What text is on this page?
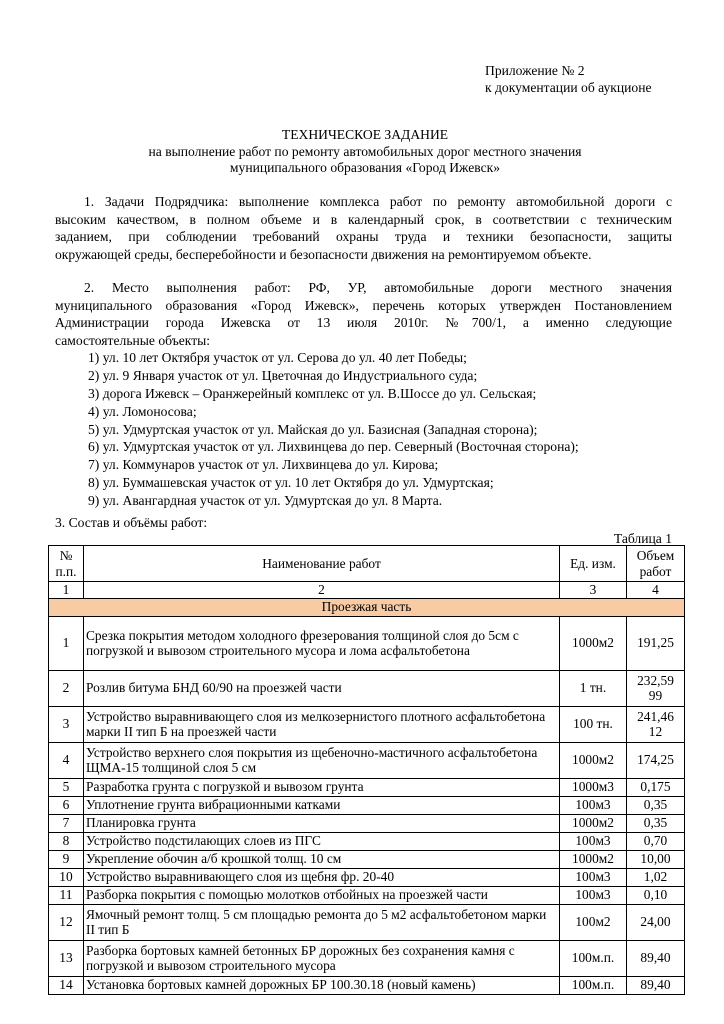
Приложение № 2
к документации об аукционе
ТЕХНИЧЕСКОЕ ЗАДАНИЕ
на выполнение работ по ремонту автомобильных дорог местного значения
муниципального образования «Город Ижевск»
1. Задачи Подрядчика: выполнение комплекса работ по ремонту автомобильной дороги с
высоким качеством, в полном объеме и в календарный срок, в соответствии с техническим
заданием, при соблюдении требований охраны труда и техники безопасности, защиты
окружающей среды, бесперебойности и безопасности движения на ремонтируемом объекте.
2. Место выполнения работ: РФ, УР, автомобильные дороги местного значения
муниципального образования «Город Ижевск», перечень которых утвержден Постановлением
Администрации города Ижевска от 13 июля 2010г. №700/1, а именно следующие
самостоятельные объекты:
1) ул. 10 лет Октября участок от ул. Серова до ул. 40 лет Победы;
2) ул. 9 Января участок от ул. Цветочная до Индустриального суда;
3) дорога Ижевск – Оранжерейный комплекс от ул. В.Шоссе до ул. Сельская;
4) ул. Ломоносова;
5) ул. Удмуртская участок от ул. Майская до ул. Базисная (Западная сторона);
6) ул. Удмуртская участок от ул. Лихвинцева до пер. Северный (Восточная сторона);
7) ул. Коммунаров участок от ул. Лихвинцева до ул. Кирова;
8) ул. Буммашевская участок от ул. 10 лет Октября до ул. Удмуртская;
9) ул. Авангардная участок от ул. Удмуртская до ул. 8 Марта.
3. Состав и объёмы работ:
Таблица 1
№ п.п.	Наименование работ	Ед. изм.	Объем работ
1	2	3	4
Проезжая часть			
1	Срезка покрытия методом холодного фрезерования толщиной слоя до 5см с погрузкой и вывозом строительного мусора и лома асфальтобетона	1000м2	191,25
2	Розлив битума БНД 60/90 на проезжей части	1 тн.	232,59 99
3	Устройство выравнивающего слоя из мелкозернистого плотного асфальтобетона марки II тип Б на проезжей части	100 тн.	241,46 12
4	Устройство верхнего слоя покрытия из щебеночно-мастичного асфальтобетона ЩМА-15 толщиной слоя 5 см	1000м2	174,25
5	Разработка грунта с погрузкой и вывозом грунта	1000м3	0,175
6	Уплотнение грунта вибрационными катками	100м3	0,35
7	Планировка грунта	1000м2	0,35
8	Устройство подстилающих слоев из ПГС	100м3	0,70
9	Укрепление обочин а/б крошкой толщ. 10 см	1000м2	10,00
10	Устройство выравнивающего слоя из щебня фр. 20-40	100м3	1,02
11	Разборка покрытия с помощью молотков отбойных на проезжей части	100м3	0,10
12	Ямочный ремонт толщ. 5 см площадью ремонта до 5 м2 асфальтобетоном марки II тип Б	100м2	24,00
13	Разборка бортовых камней бетонных БР дорожных без сохранения камня с погрузкой и вывозом строительного мусора	100м.п.	89,40
14	Установка бортовых камней дорожных БР 100.30.18 (новый камень)	100м.п.	89,40
